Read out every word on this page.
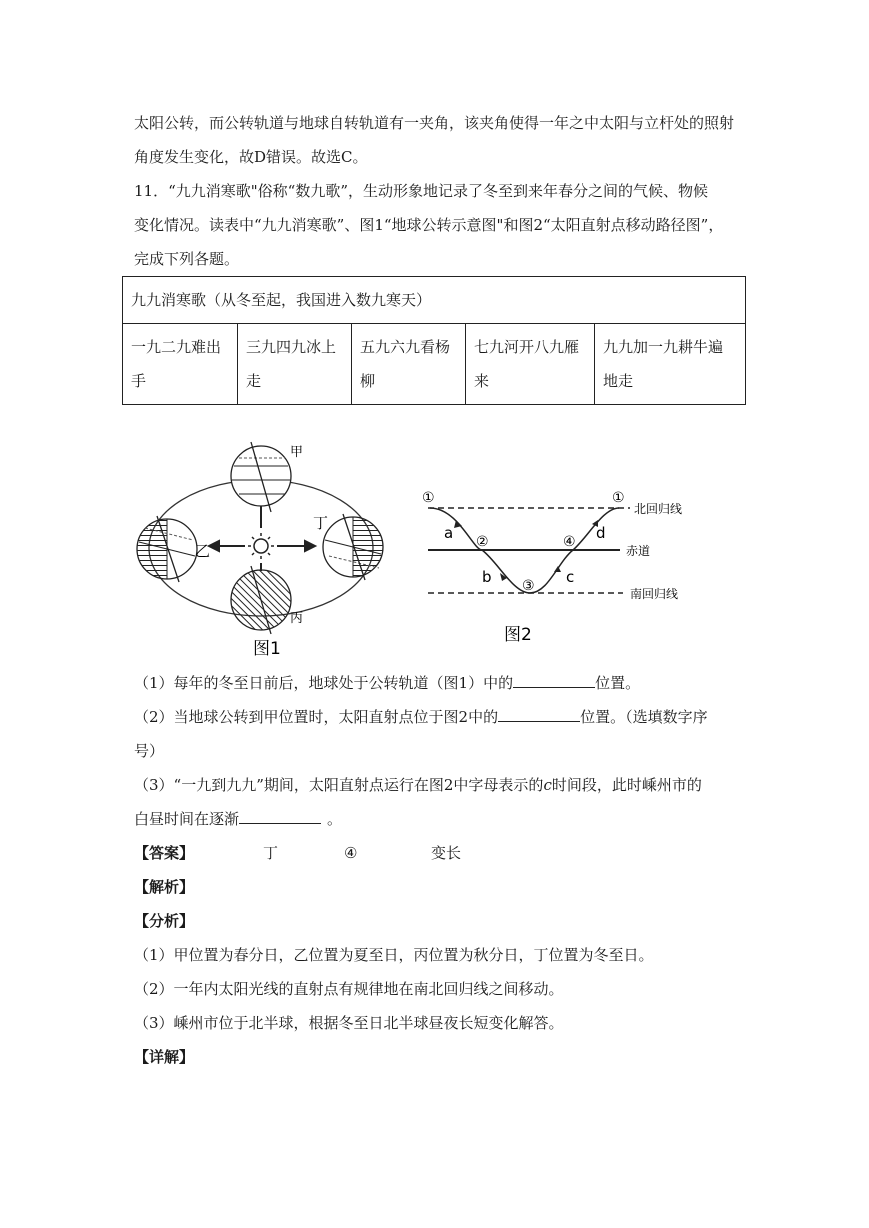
太阳公转，而公转轨道与地球自转轨道有一夹角，该夹角使得一年之中太阳与立杆处的照射
角度发生变化，故D错误。故选C。
11．“九九消寒歌"俗称“数九歌”，生动形象地记录了冬至到来年春分之间的气候、物候
变化情况。读表中“九九消寒歌”、图1“地球公转示意图"和图2“太阳直射点移动路径图”，
完成下列各题。
九九消寒歌（从冬至起，我国进入数九寒天）
一九二九难出手	三九四九冰上走	五九六九看杨柳	七九河开八九雁来	九九加一九耕牛遍地走
甲
乙
丁
丙
图1
北回归线
赤道
南回归线
①
②
③
④
①
a
b	c
d
图2
（1）每年的冬至日前后，地球处于公转轨道（图1）中的	位置。
（2）当地球公转到甲位置时，太阳直射点位于图2中的	位置。（选填数字序
号）
（3）“一九到九九”期间，太阳直射点运行在图2中字母表示的c时间段，此时嵊州市的
白昼时间在逐渐	。
【答案】	丁	④	变长
【解析】
【分析】
（1）甲位置为春分日，乙位置为夏至日，丙位置为秋分日，丁位置为冬至日。
（2）一年内太阳光线的直射点有规律地在南北回归线之间移动。
（3）嵊州市位于北半球，根据冬至日北半球昼夜长短变化解答。
【详解】
